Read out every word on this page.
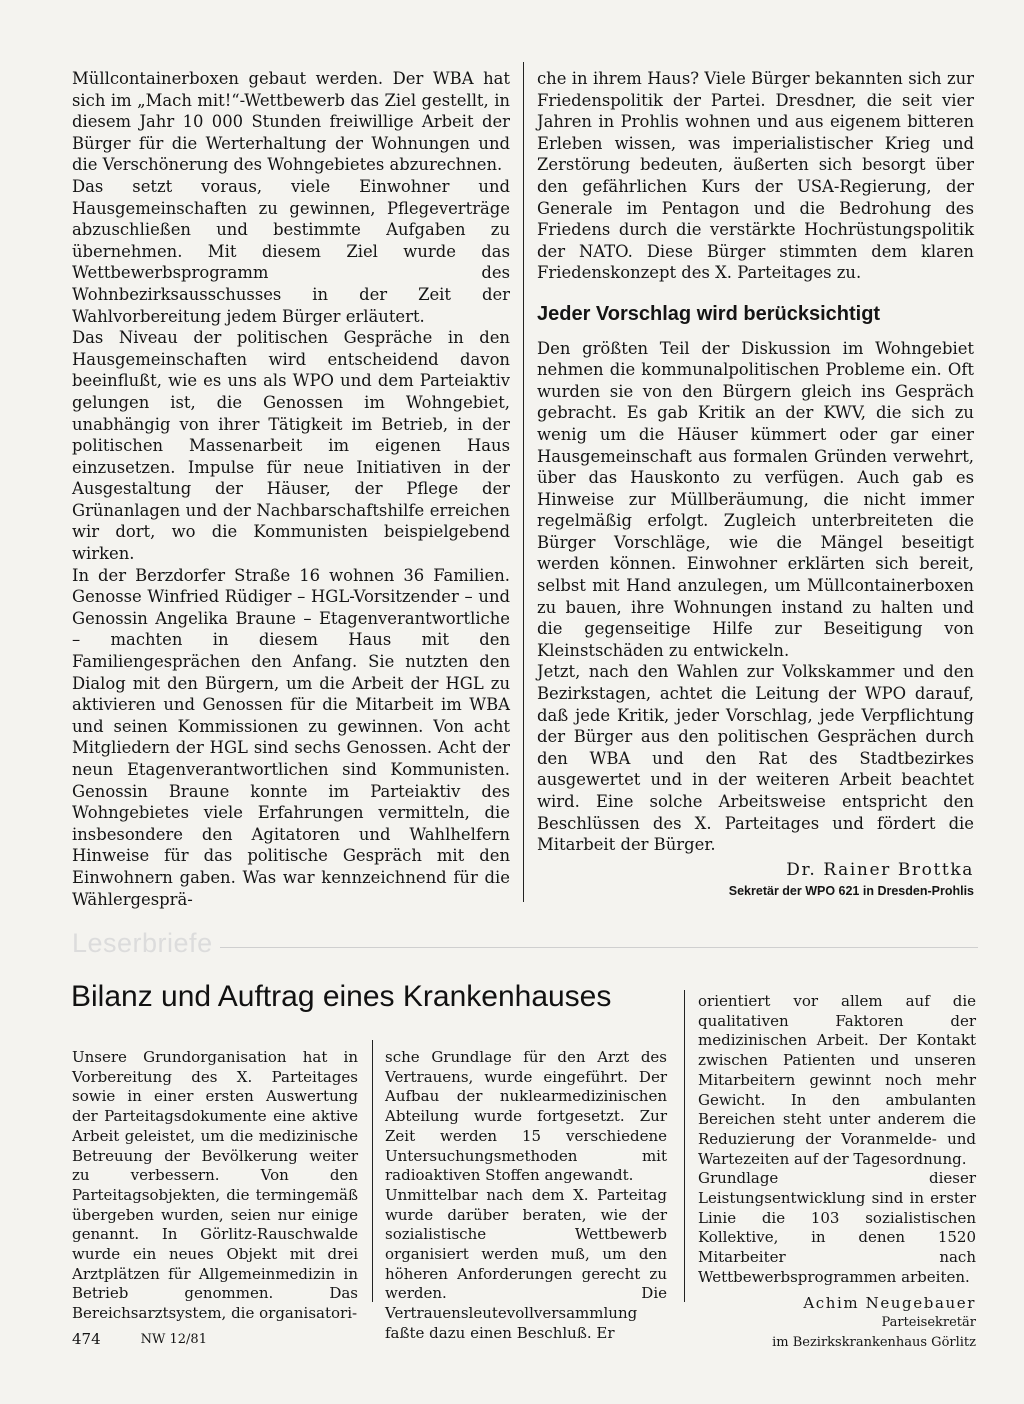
Müllcontainerboxen gebaut werden. Der WBA hat sich im „Mach mit!“-Wettbewerb das Ziel gestellt, in diesem Jahr 10 000 Stunden freiwillige Arbeit der Bürger für die Werterhaltung der Wohnungen und die Verschönerung des Wohngebietes abzurechnen.

Das setzt voraus, viele Einwohner und Hausgemeinschaften zu gewinnen, Pflegeverträge abzuschließen und bestimmte Aufgaben zu übernehmen. Mit diesem Ziel wurde das Wettbewerbsprogramm des Wohnbezirksausschusses in der Zeit der Wahlvorbereitung jedem Bürger erläutert.

Das Niveau der politischen Gespräche in den Hausgemeinschaften wird entscheidend davon beeinflußt, wie es uns als WPO und dem Parteiaktiv gelungen ist, die Genossen im Wohngebiet, unabhängig von ihrer Tätigkeit im Betrieb, in der politischen Massenarbeit im eigenen Haus einzusetzen. Impulse für neue Initiativen in der Ausgestaltung der Häuser, der Pflege der Grünanlagen und der Nachbarschaftshilfe erreichen wir dort, wo die Kommunisten beispielgebend wirken.

In der Berzdorfer Straße 16 wohnen 36 Familien. Genosse Winfried Rüdiger – HGL-Vorsitzender – und Genossin Angelika Braune – Etagenverantwortliche – machten in diesem Haus mit den Familiengesprächen den Anfang. Sie nutzten den Dialog mit den Bürgern, um die Arbeit der HGL zu aktivieren und Genossen für die Mitarbeit im WBA und seinen Kommissionen zu gewinnen. Von acht Mitgliedern der HGL sind sechs Genossen. Acht der neun Etagenverantwortlichen sind Kommunisten. Genossin Braune konnte im Parteiaktiv des Wohngebietes viele Erfahrungen vermitteln, die insbesondere den Agitatoren und Wahlhelfern Hinweise für das politische Gespräch mit den Einwohnern gaben. Was war kennzeichnend für die Wählergesprä-

che in ihrem Haus? Viele Bürger bekannten sich zur Friedenspolitik der Partei. Dresdner, die seit vier Jahren in Prohlis wohnen und aus eigenem bitteren Erleben wissen, was imperialistischer Krieg und Zerstörung bedeuten, äußerten sich besorgt über den gefährlichen Kurs der USA-Regierung, der Generale im Pentagon und die Bedrohung des Friedens durch die verstärkte Hochrüstungspolitik der NATO. Diese Bürger stimmten dem klaren Friedenskonzept des X. Parteitages zu.

Jeder Vorschlag wird berücksichtigt

Den größten Teil der Diskussion im Wohngebiet nehmen die kommunalpolitischen Probleme ein. Oft wurden sie von den Bürgern gleich ins Gespräch gebracht. Es gab Kritik an der KWV, die sich zu wenig um die Häuser kümmert oder gar einer Hausgemeinschaft aus formalen Gründen verwehrt, über das Hauskonto zu verfügen. Auch gab es Hinweise zur Müllberäumung, die nicht immer regelmäßig erfolgt. Zugleich unterbreiteten die Bürger Vorschläge, wie die Mängel beseitigt werden können. Einwohner erklärten sich bereit, selbst mit Hand anzulegen, um Müllcontainerboxen zu bauen, ihre Wohnungen instand zu halten und die gegenseitige Hilfe zur Beseitigung von Kleinstschäden zu entwickeln.

Jetzt, nach den Wahlen zur Volkskammer und den Bezirkstagen, achtet die Leitung der WPO darauf, daß jede Kritik, jeder Vorschlag, jede Verpflichtung der Bürger aus den politischen Gesprächen durch den WBA und den Rat des Stadtbezirkes ausgewertet und in der weiteren Arbeit beachtet wird. Eine solche Arbeitsweise entspricht den Beschlüssen des X. Parteitages und fördert die Mitarbeit der Bürger.

Dr. Rainer Brottka
Sekretär der WPO 621 in Dresden-Prohlis
Leserbriefe
Bilanz und Auftrag eines Krankenhauses

Unsere Grundorganisation hat in Vorbereitung des X. Parteitages sowie in einer ersten Auswertung der Parteitagsdokumente eine aktive Arbeit geleistet, um die medizinische Betreuung der Bevölkerung weiter zu verbessern. Von den Parteitagsobjekten, die termingemäß übergeben wurden, seien nur einige genannt. In Görlitz-Rauschwalde wurde ein neues Objekt mit drei Arztplätzen für Allgemeinmedizin in Betrieb genommen. Das Bereichsarztsystem, die organisatori-

sche Grundlage für den Arzt des Vertrauens, wurde eingeführt. Der Aufbau der nuklearmedizinischen Abteilung wurde fortgesetzt. Zur Zeit werden 15 verschiedene Untersuchungsmethoden mit radioaktiven Stoffen angewandt.

Unmittelbar nach dem X. Parteitag wurde darüber beraten, wie der sozialistische Wettbewerb organisiert werden muß, um den höheren Anforderungen gerecht zu werden. Die Vertrauensleutevollversammlung faßte dazu einen Beschluß. Er

orientiert vor allem auf die qualitativen Faktoren der medizinischen Arbeit. Der Kontakt zwischen Patienten und unseren Mitarbeitern gewinnt noch mehr Gewicht. In den ambulanten Bereichen steht unter anderem die Reduzierung der Voranmelde- und Wartezeiten auf der Tagesordnung.

Grundlage dieser Leistungsentwicklung sind in erster Linie die 103 sozialistischen Kollektive, in denen 1520 Mitarbeiter nach Wettbewerbsprogrammen arbeiten.

Achim Neugebauer
Parteisekretär
im Bezirkskrankenhaus Görlitz
474	NW 12/81
